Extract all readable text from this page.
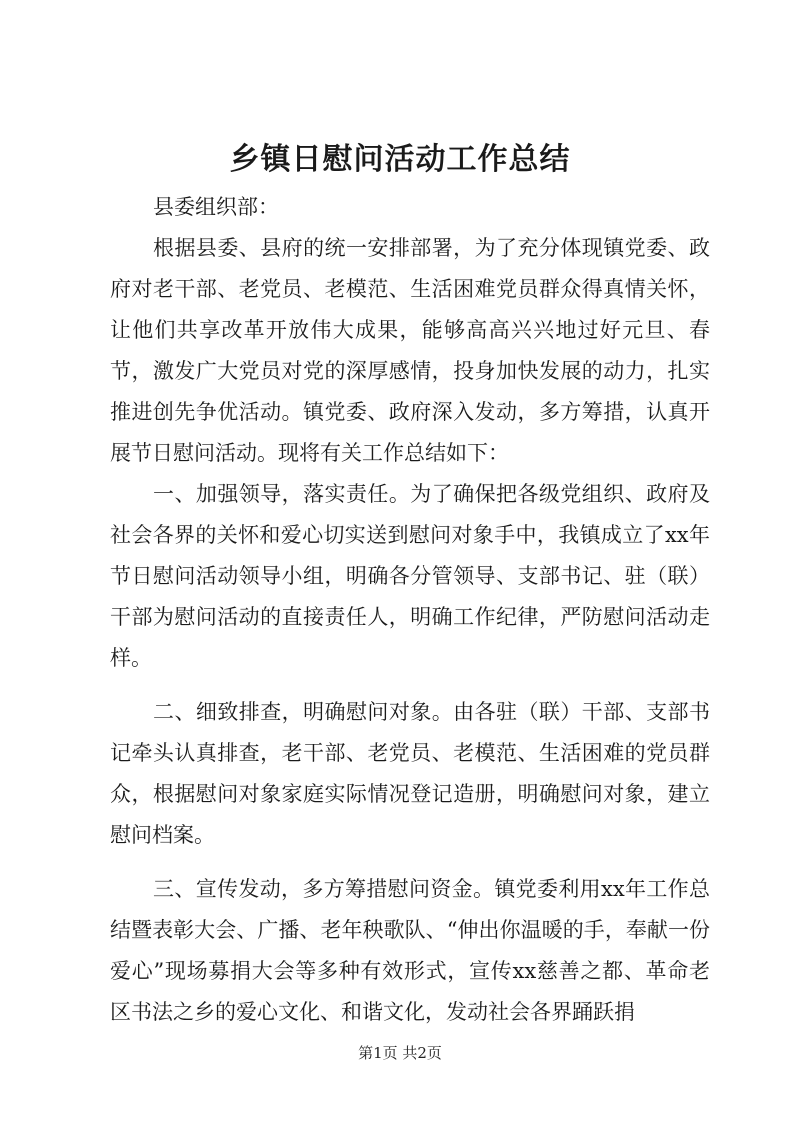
乡镇日慰问活动工作总结

县委组织部：

根据县委、县府的统一安排部署，为了充分体现镇党委、政府对老干部、老党员、老模范、生活困难党员群众得真情关怀，让他们共享改革开放伟大成果，能够高高兴兴地过好元旦、春节，激发广大党员对党的深厚感情，投身加快发展的动力，扎实推进创先争优活动。镇党委、政府深入发动，多方筹措，认真开展节日慰问活动。现将有关工作总结如下：

一、加强领导，落实责任。为了确保把各级党组织、政府及社会各界的关怀和爱心切实送到慰问对象手中，我镇成立了xx年节日慰问活动领导小组，明确各分管领导、支部书记、驻（联）干部为慰问活动的直接责任人，明确工作纪律，严防慰问活动走样。

二、细致排查，明确慰问对象。由各驻（联）干部、支部书记牵头认真排查，老干部、老党员、老模范、生活困难的党员群众，根据慰问对象家庭实际情况登记造册，明确慰问对象，建立慰问档案。

三、宣传发动，多方筹措慰问资金。镇党委利用xx年工作总结暨表彰大会、广播、老年秧歌队、“伸出你温暖的手，奉献一份爱心”现场募捐大会等多种有效形式，宣传xx慈善之都、革命老区书法之乡的爱心文化、和谐文化，发动社会各界踊跃捐

第1页 共2页
